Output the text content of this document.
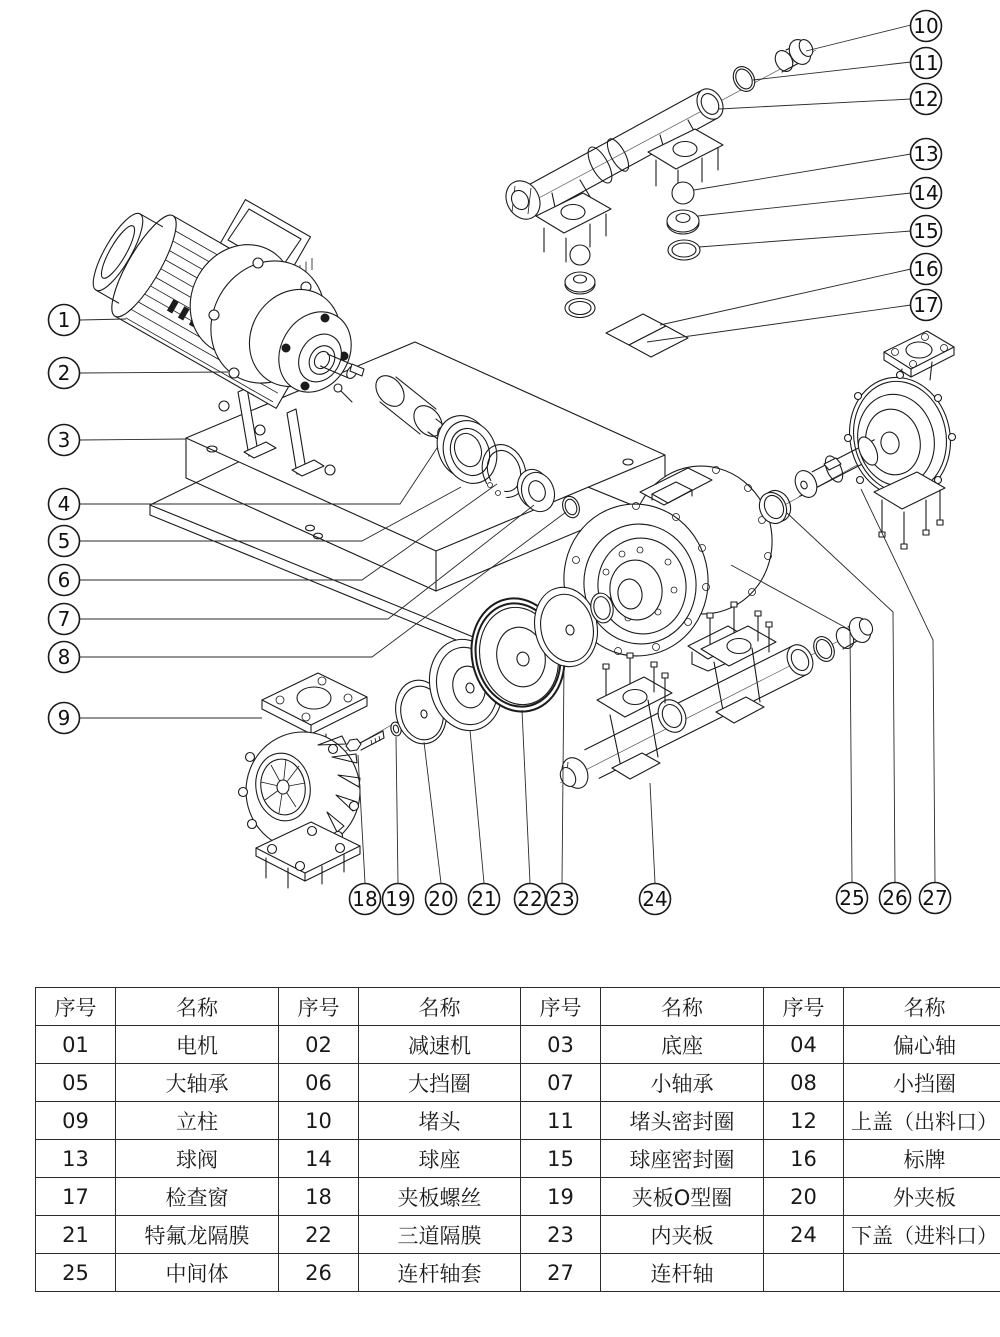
1
2
3
4
5
6
7
8
9
10
11
12
13
14
15
16
17
18 19 20 21 22 23	24	25 26 27
序号	名称	序号	名称	序号	名称	序号	名称
01	电机	02	减速机	03	底座	04	偏心轴
05	大轴承	06	大挡圈	07	小轴承	08	小挡圈
09	立柱	10	堵头	11	堵头密封圈	12	上盖（出料口）
13	球阀	14	球座	15	球座密封圈	16	标牌
17	检查窗	18	夹板螺丝	19	夹板O型圈	20	外夹板
21	特氟龙隔膜	22	三道隔膜	23	内夹板	24	下盖（进料口）
25	中间体	26	连杆轴套	27	连杆轴		
